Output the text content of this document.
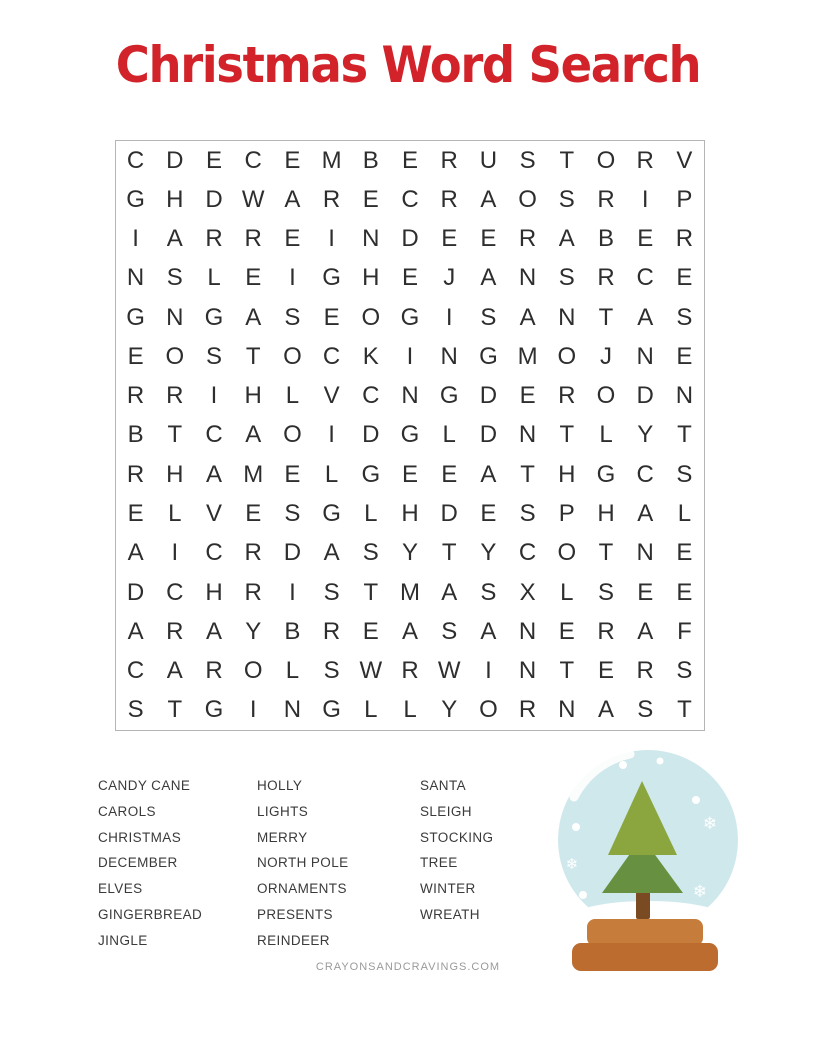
Christmas Word Search
C D E C E M B E R U S T O R V
G H D W A R E C R A O S R I P
I A R R E I N D E E R A B E R
N S L E I G H E J A N S R C E
G N G A S E O G I S A N T A S
E O S T O C K I N G M O J N E
R R I H L V C N G D E R O D N
B T C A O I D G L D N T L Y T
R H A M E L G E E A T H G C S
E L V E S G L H D E S P H A L
A I C R D A S Y T Y C O T N E
D C H R I S T M A S X L S E E
A R A Y B R E A S A N E R A F
C A R O L S W R W I N T E R S
S T G I N G L L Y O R N A S T
CANDY CANE
CAROLS
CHRISTMAS
DECEMBER
ELVES
GINGERBREAD
JINGLE
HOLLY
LIGHTS
MERRY
NORTH POLE
ORNAMENTS
PRESENTS
REINDEER
SANTA
SLEIGH
STOCKING
TREE
WINTER
WREATH
❄
❄
❄
CRAYONSANDCRAVINGS.COM
